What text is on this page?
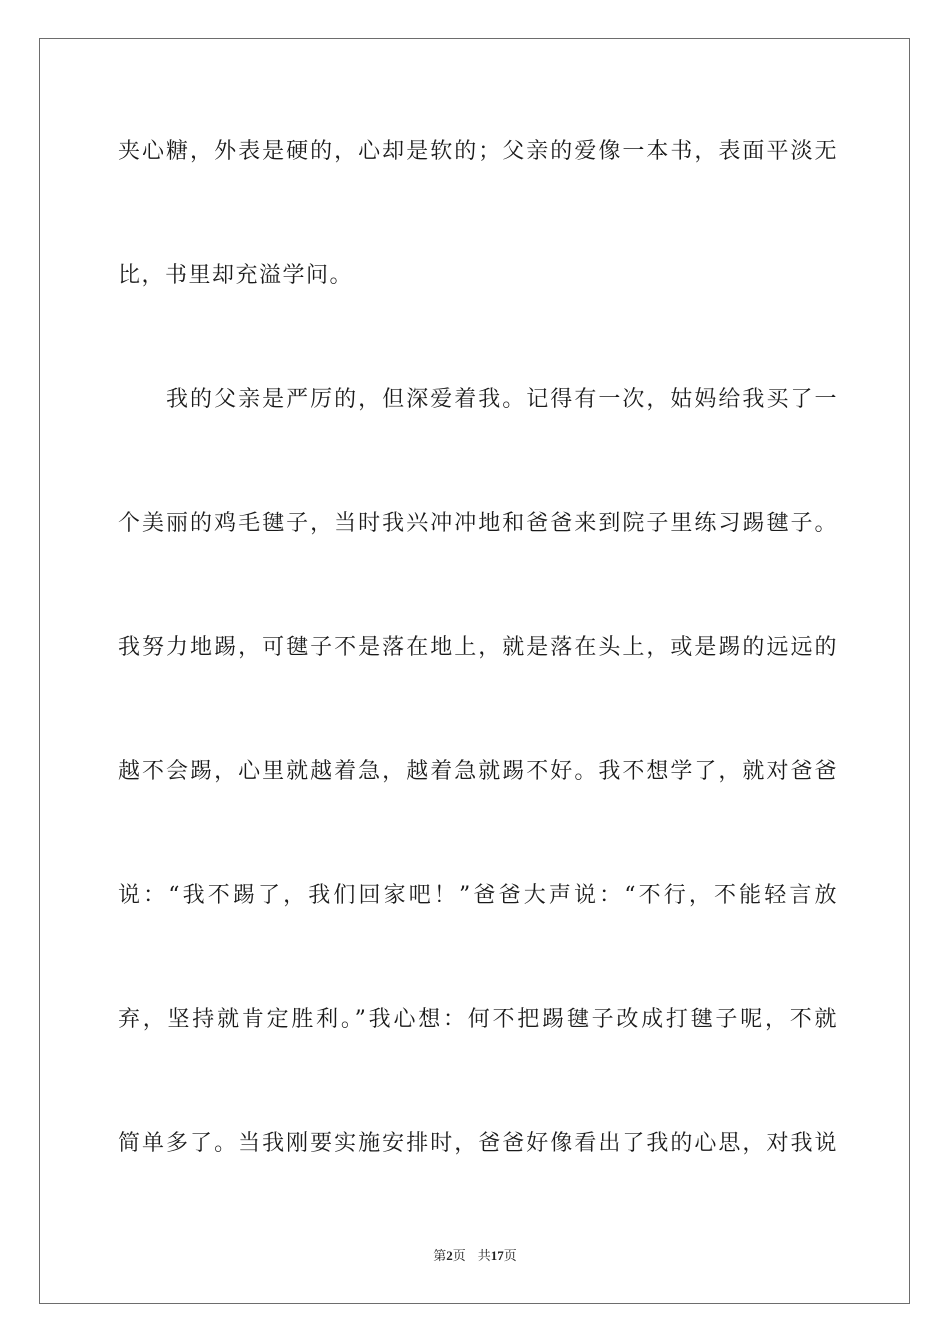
夹心糖，外表是硬的，心却是软的；父亲的爱像一本书，表面平淡无
比，书里却充溢学问。
　　我的父亲是严厉的，但深爱着我。记得有一次，姑妈给我买了一
个美丽的鸡毛毽子，当时我兴冲冲地和爸爸来到院子里练习踢毽子。
我努力地踢，可毽子不是落在地上，就是落在头上，或是踢的远远的
越不会踢，心里就越着急，越着急就踢不好。我不想学了，就对爸爸
说：“我不踢了，我们回家吧！”爸爸大声说：“不行，不能轻言放
弃，坚持就肯定胜利。”我心想：何不把踢毽子改成打毽子呢，不就
简单多了。当我刚要实施安排时，爸爸好像看出了我的心思，对我说
第2页 共17页
